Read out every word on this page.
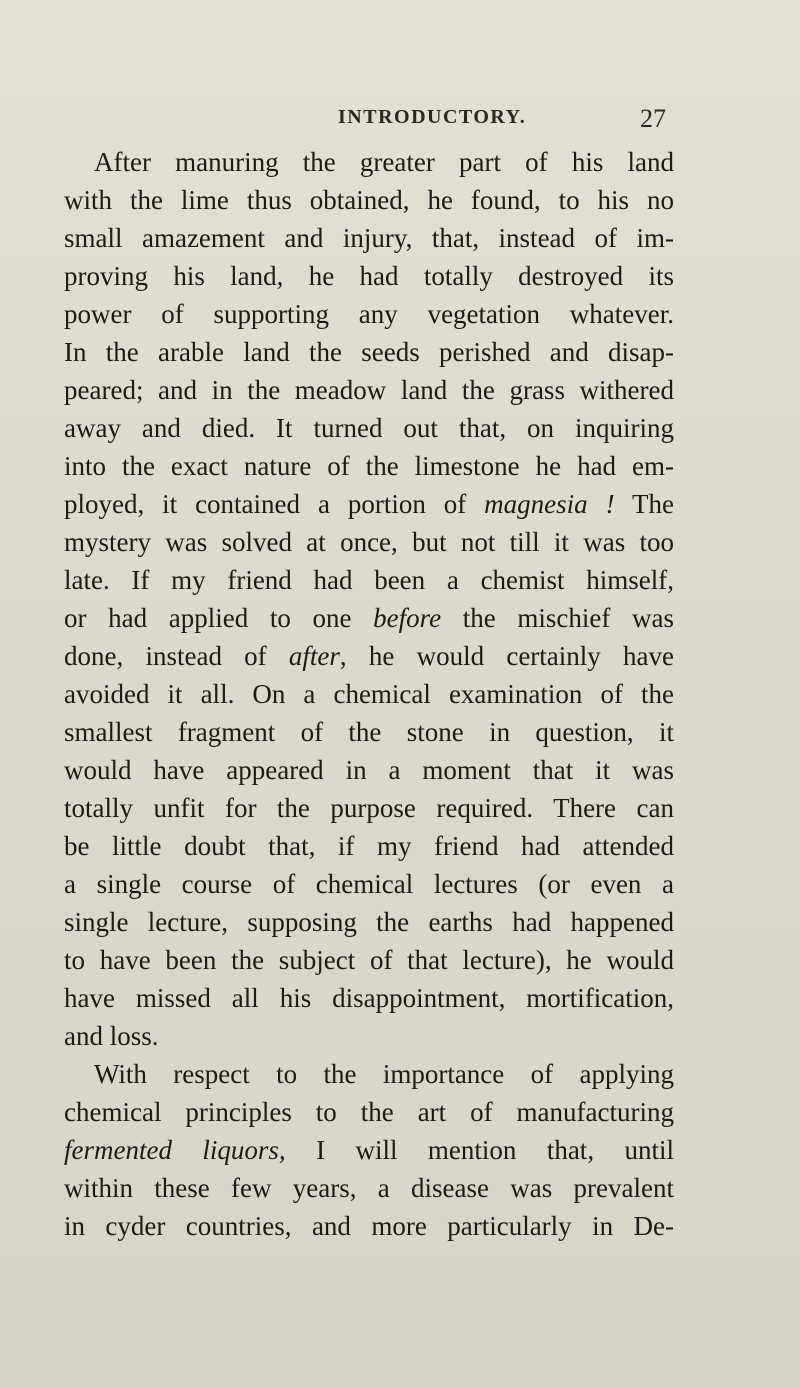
INTRODUCTORY.	27
After manuring the greater part of his land
with the lime thus obtained, he found, to his no
small amazement and injury, that, instead of im-
proving his land, he had totally destroyed its
power of supporting any vegetation whatever.
In the arable land the seeds perished and disap-
peared; and in the meadow land the grass withered
away and died. It turned out that, on inquiring
into the exact nature of the limestone he had em-
ployed, it contained a portion of magnesia ! The
mystery was solved at once, but not till it was too
late. If my friend had been a chemist himself,
or had applied to one before the mischief was
done, instead of after, he would certainly have
avoided it all. On a chemical examination of the
smallest fragment of the stone in question, it
would have appeared in a moment that it was
totally unfit for the purpose required. There can
be little doubt that, if my friend had attended
a single course of chemical lectures (or even a
single lecture, supposing the earths had happened
to have been the subject of that lecture), he would
have missed all his disappointment, mortification,
and loss.
With respect to the importance of applying
chemical principles to the art of manufacturing
fermented liquors, I will mention that, until
within these few years, a disease was prevalent
in cyder countries, and more particularly in De-
